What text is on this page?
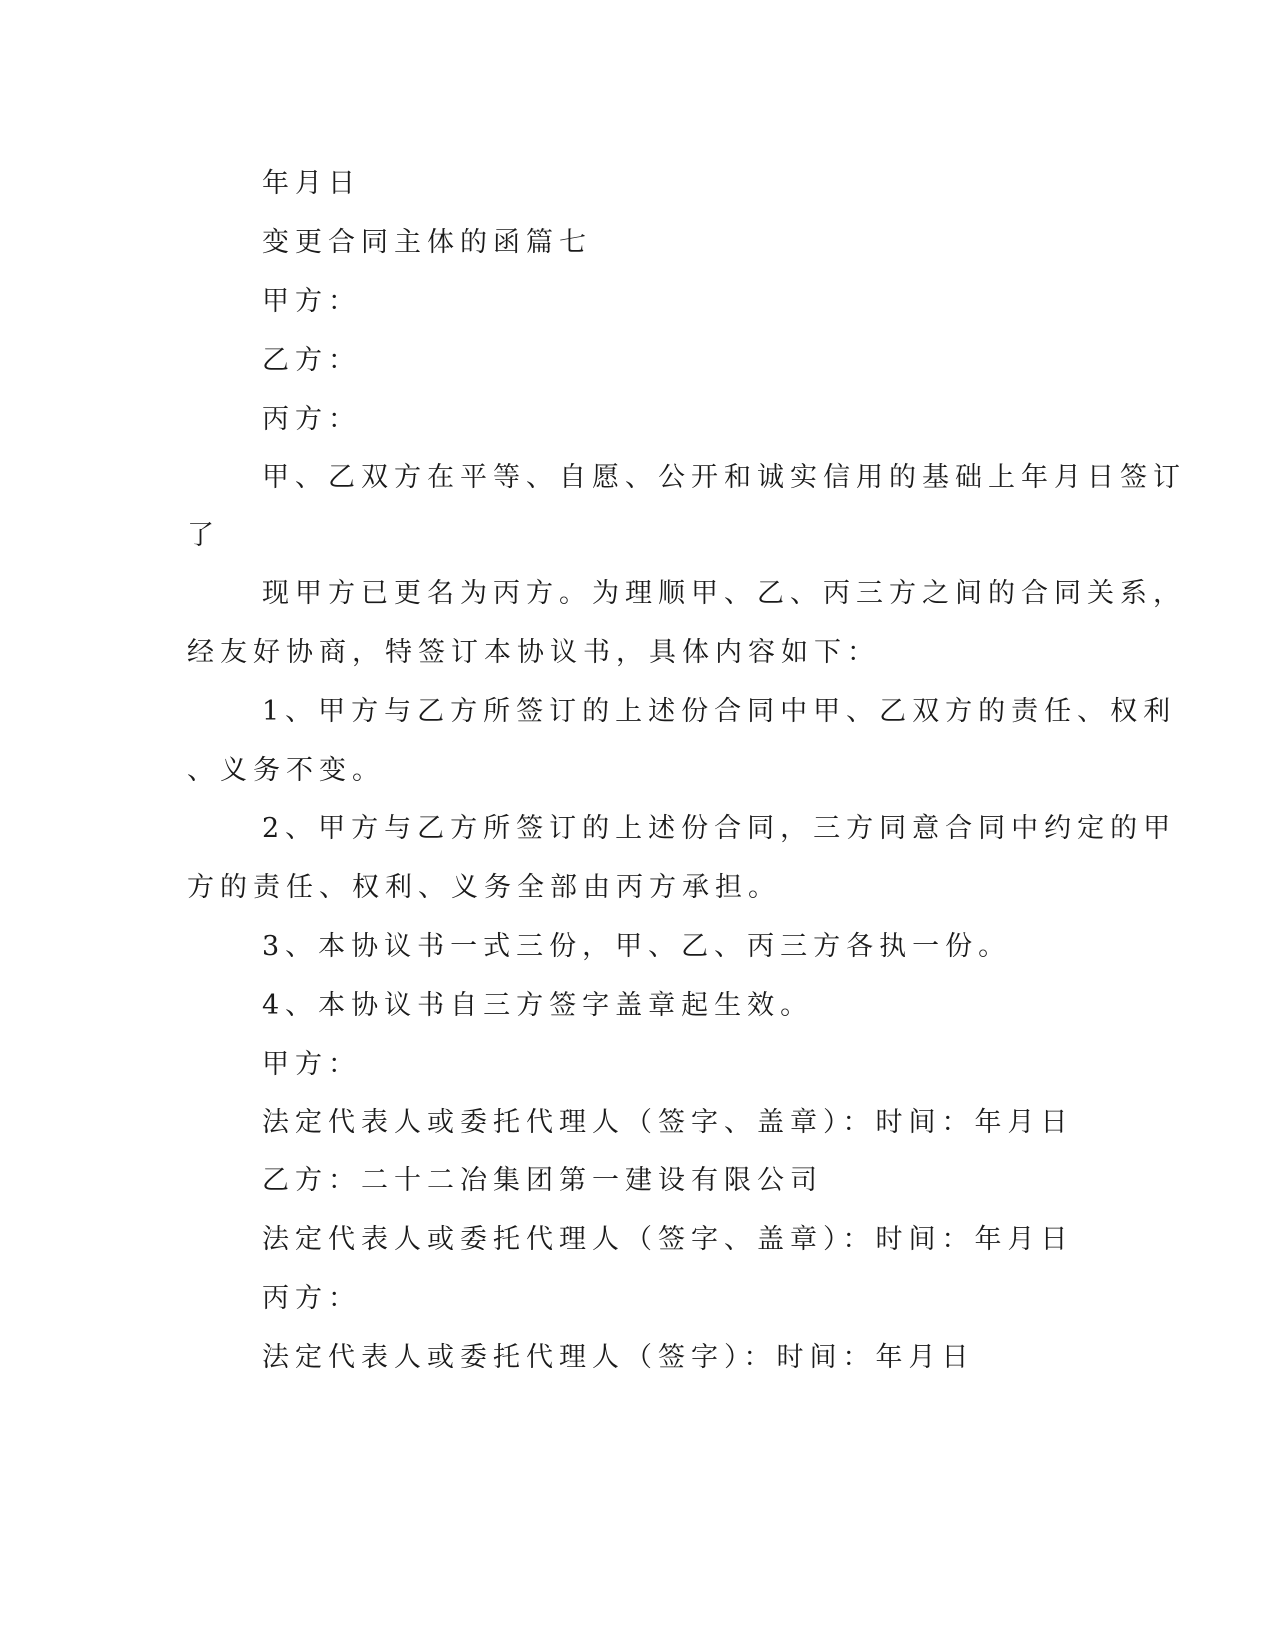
年月日
变更合同主体的函篇七
甲方：
乙方：
丙方：
甲、乙双方在平等、自愿、公开和诚实信用的基础上年月日签订
了
现甲方已更名为丙方。为理顺甲、乙、丙三方之间的合同关系，
经友好协商，特签订本协议书，具体内容如下：
1、甲方与乙方所签订的上述份合同中甲、乙双方的责任、权利
、义务不变。
2、甲方与乙方所签订的上述份合同，三方同意合同中约定的甲
方的责任、权利、义务全部由丙方承担。
3、本协议书一式三份，甲、乙、丙三方各执一份。
4、本协议书自三方签字盖章起生效。
甲方：
法定代表人或委托代理人（签字、盖章）：时间：年月日
乙方：二十二冶集团第一建设有限公司
法定代表人或委托代理人（签字、盖章）：时间：年月日
丙方：
法定代表人或委托代理人（签字）：时间：年月日
